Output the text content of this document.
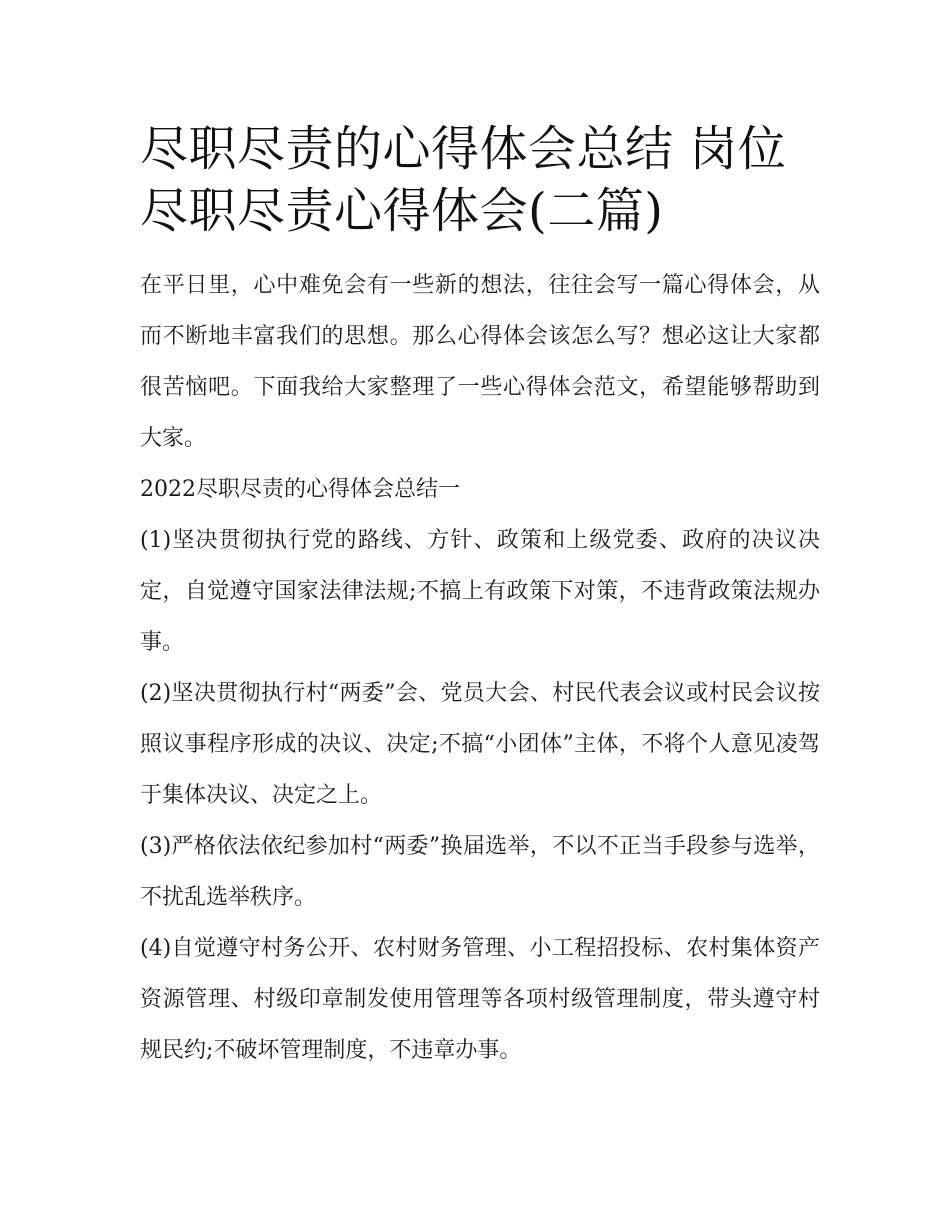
尽职尽责的心得体会总结 岗位尽职尽责心得体会(二篇)

在平日里，心中难免会有一些新的想法，往往会写一篇心得体会，从而不断地丰富我们的思想。那么心得体会该怎么写？想必这让大家都很苦恼吧。下面我给大家整理了一些心得体会范文，希望能够帮助到大家。

2022尽职尽责的心得体会总结一

(1)坚决贯彻执行党的路线、方针、政策和上级党委、政府的决议决定，自觉遵守国家法律法规;不搞上有政策下对策，不违背政策法规办事。

(2)坚决贯彻执行村“两委”会、党员大会、村民代表会议或村民会议按照议事程序形成的决议、决定;不搞“小团体”主体，不将个人意见凌驾于集体决议、决定之上。

(3)严格依法依纪参加村“两委”换届选举，不以不正当手段参与选举，不扰乱选举秩序。

(4)自觉遵守村务公开、农村财务管理、小工程招投标、农村集体资产资源管理、村级印章制发使用管理等各项村级管理制度，带头遵守村规民约;不破坏管理制度，不违章办事。
